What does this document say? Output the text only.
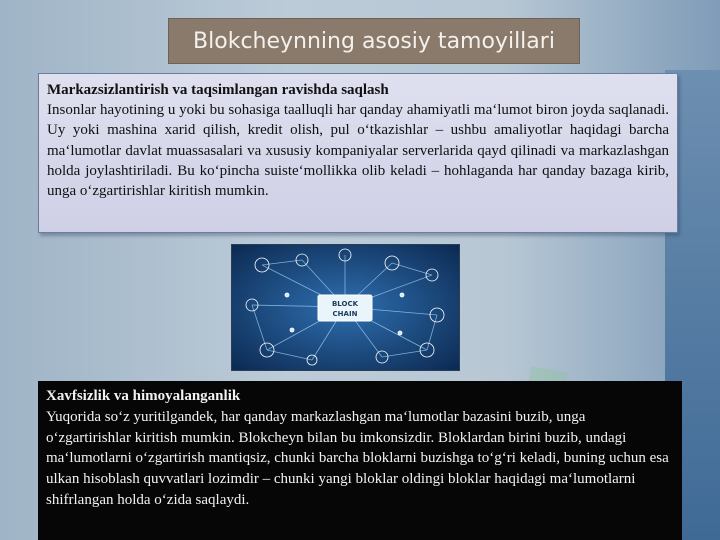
Blokcheynning asosiy tamoyillari
Markazsizlantirish va taqsimlangan ravishda saqlash
Insonlar hayotining u yoki bu sohasiga taalluqli har qanday ahamiyatli maʻlumot biron joyda saqlanadi. Uy yoki mashina xarid qilish, kredit olish, pul oʻtkazishlar – ushbu amaliyotlar haqidagi barcha maʻlumotlar davlat muassasalari va xususiy kompaniyalar serverlarida qayd qilinadi va markazlashgan holda joylashtiriladi. Bu koʻpincha suisteʻmollikka olib keladi – hohlaganda har qanday bazaga kirib, unga oʻzgartirishlar kiritish mumkin.
BLOCK
CHAIN
Xavfsizlik va himoyalanganlik
Yuqorida soʻz yuritilgandek, har qanday markazlashgan maʻlumotlar bazasini buzib, unga oʻzgartirishlar kiritish mumkin. Blokcheyn bilan bu imkonsizdir. Bloklardan birini buzib, undagi maʻlumotlarni oʻzgartirish mantiqsiz, chunki barcha bloklarni buzishga toʻgʻri keladi, buning uchun esa ulkan hisoblash quvvatlari lozimdir – chunki yangi bloklar oldingi bloklar haqidagi maʻlumotlarni shifrlangan holda oʻzida saqlaydi.
